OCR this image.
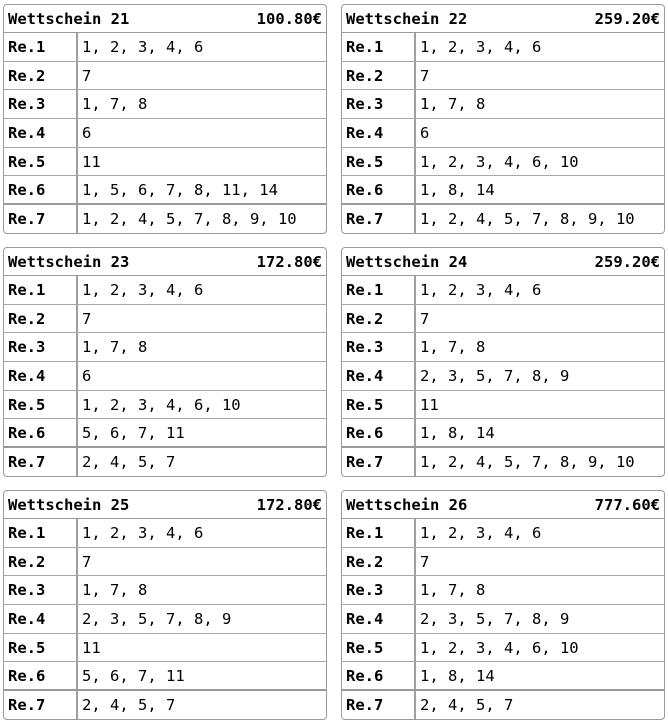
Wettschein 21	100.80€
Re.1	1, 2, 3, 4, 6
Re.2	7
Re.3	1, 7, 8
Re.4	6
Re.5	11
Re.6	1, 5, 6, 7, 8, 11, 14
Re.7	1, 2, 4, 5, 7, 8, 9, 10
Wettschein 22	259.20€
Re.1	1, 2, 3, 4, 6
Re.2	7
Re.3	1, 7, 8
Re.4	6
Re.5	1, 2, 3, 4, 6, 10
Re.6	1, 8, 14
Re.7	1, 2, 4, 5, 7, 8, 9, 10
Wettschein 23	172.80€
Re.1	1, 2, 3, 4, 6
Re.2	7
Re.3	1, 7, 8
Re.4	6
Re.5	1, 2, 3, 4, 6, 10
Re.6	5, 6, 7, 11
Re.7	2, 4, 5, 7
Wettschein 24	259.20€
Re.1	1, 2, 3, 4, 6
Re.2	7
Re.3	1, 7, 8
Re.4	2, 3, 5, 7, 8, 9
Re.5	11
Re.6	1, 8, 14
Re.7	1, 2, 4, 5, 7, 8, 9, 10
Wettschein 25	172.80€
Re.1	1, 2, 3, 4, 6
Re.2	7
Re.3	1, 7, 8
Re.4	2, 3, 5, 7, 8, 9
Re.5	11
Re.6	5, 6, 7, 11
Re.7	2, 4, 5, 7
Wettschein 26	777.60€
Re.1	1, 2, 3, 4, 6
Re.2	7
Re.3	1, 7, 8
Re.4	2, 3, 5, 7, 8, 9
Re.5	1, 2, 3, 4, 6, 10
Re.6	1, 8, 14
Re.7	2, 4, 5, 7
